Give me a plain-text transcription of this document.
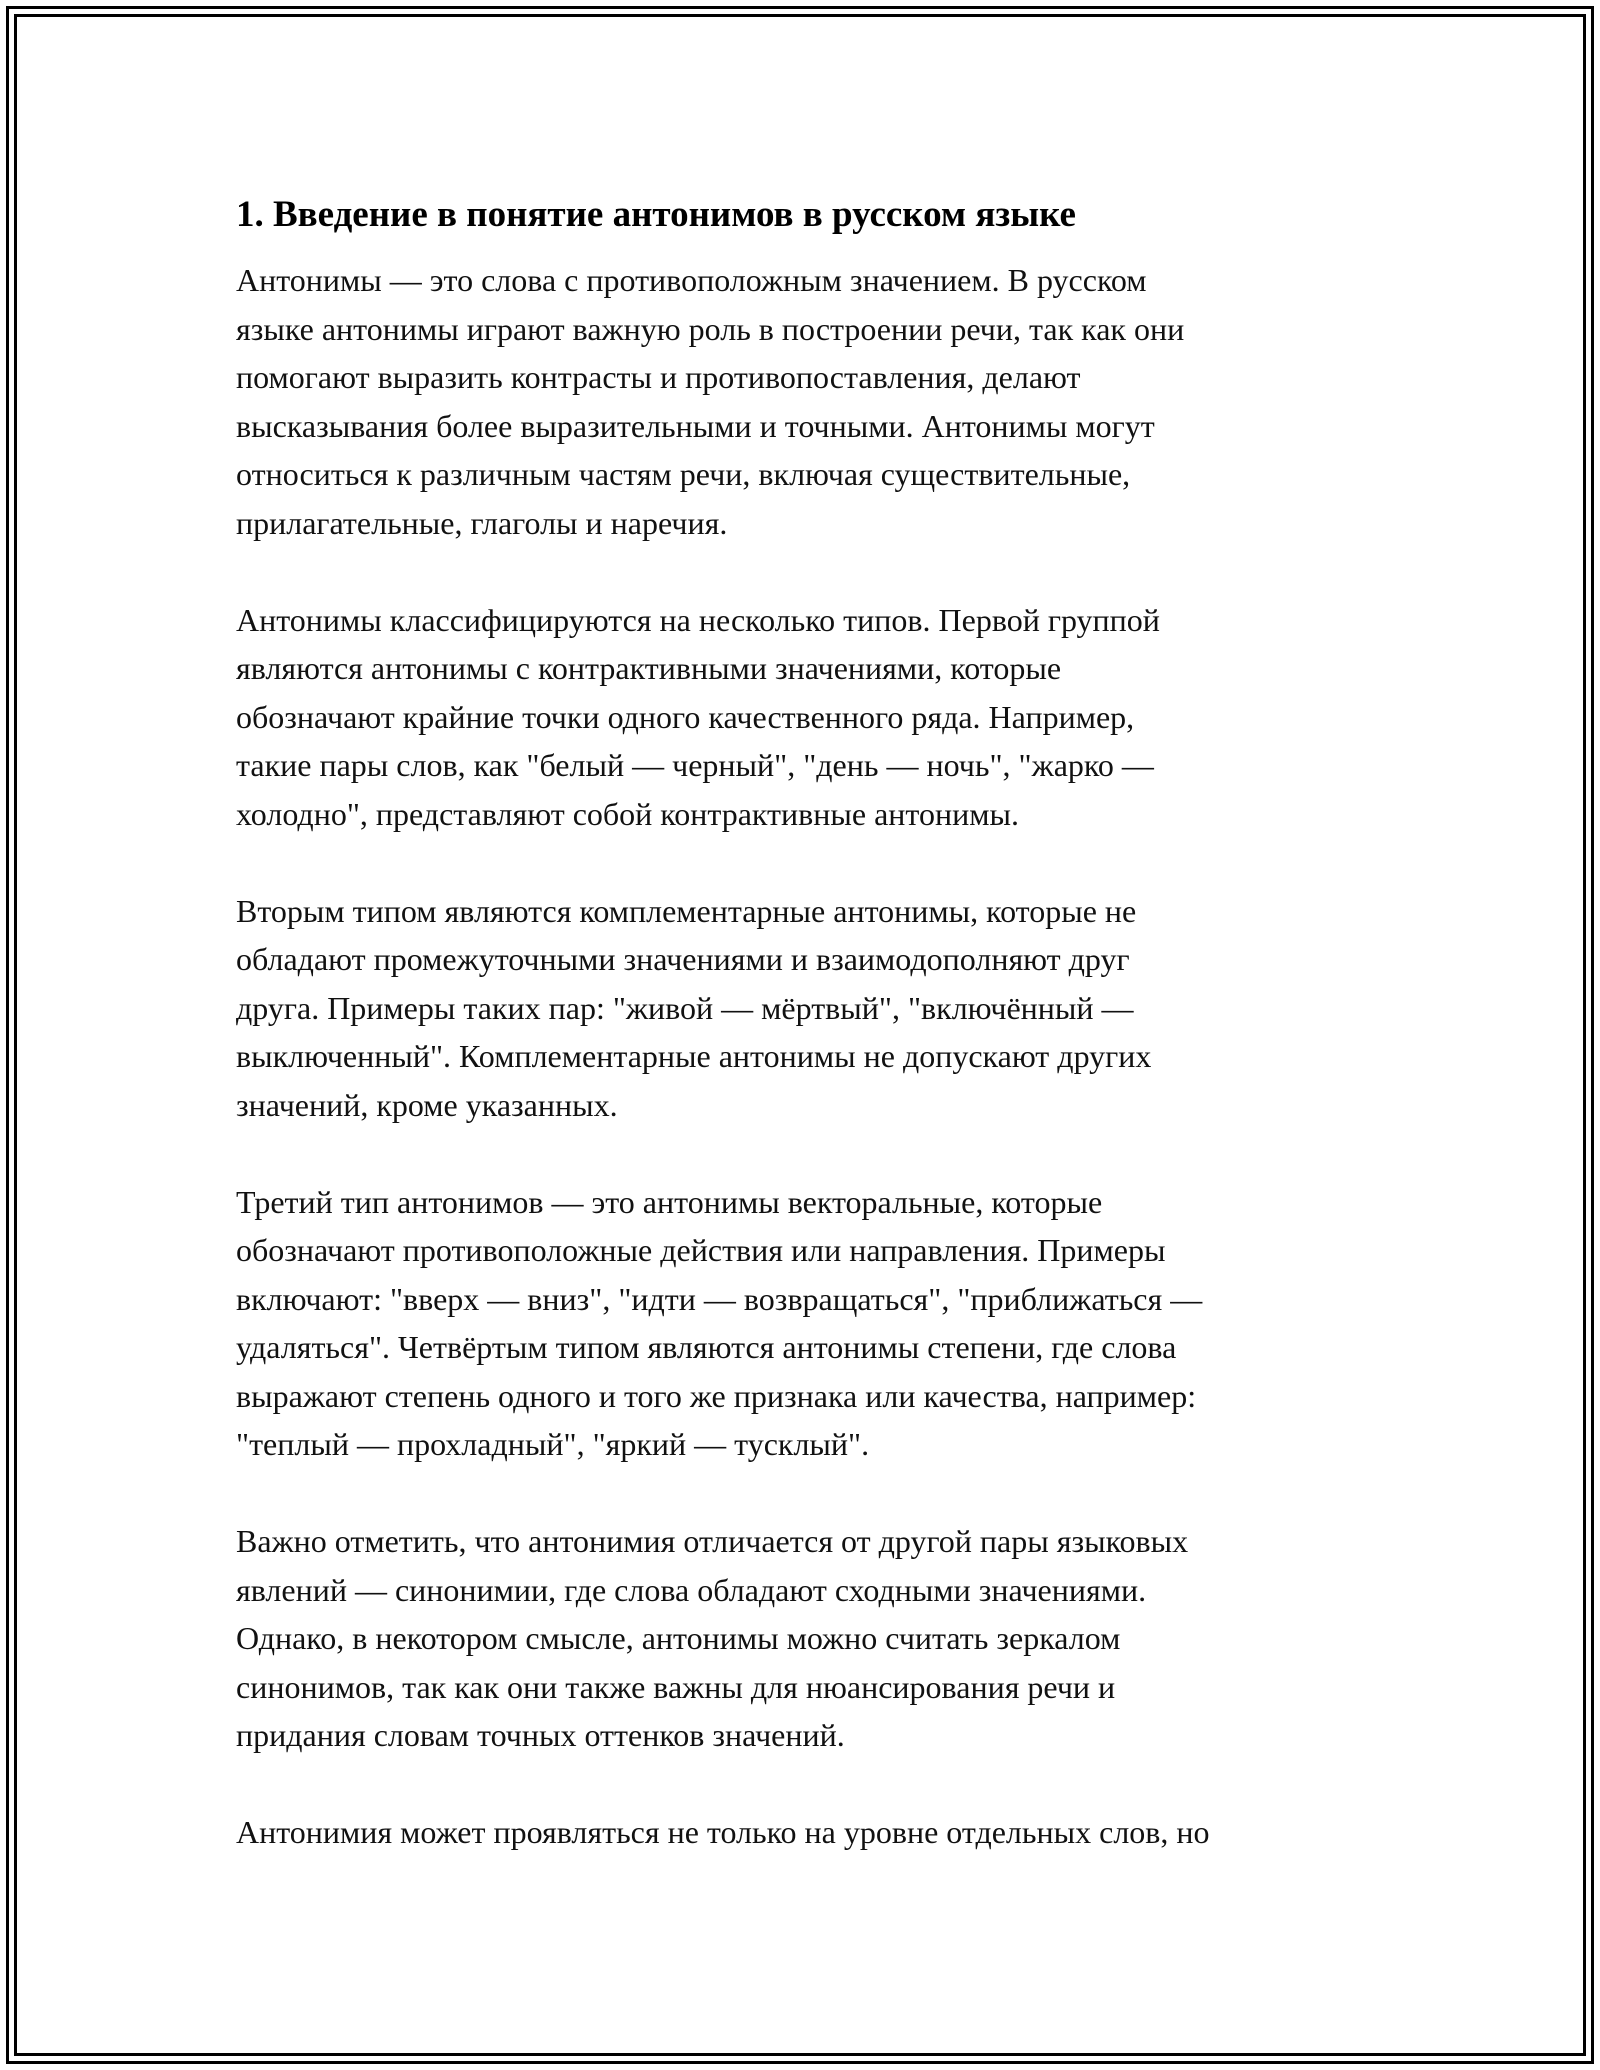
1. Введение в понятие антонимов в русском языке

Антонимы — это слова с противоположным значением. В русском
языке антонимы играют важную роль в построении речи, так как они
помогают выразить контрасты и противопоставления, делают
высказывания более выразительными и точными. Антонимы могут
относиться к различным частям речи, включая существительные,
прилагательные, глаголы и наречия.

Антонимы классифицируются на несколько типов. Первой группой
являются антонимы с контрактивными значениями, которые
обозначают крайние точки одного качественного ряда. Например,
такие пары слов, как "белый — черный", "день — ночь", "жарко —
холодно", представляют собой контрактивные антонимы.

Вторым типом являются комплементарные антонимы, которые не
обладают промежуточными значениями и взаимодополняют друг
друга. Примеры таких пар: "живой — мёртвый", "включённый —
выключенный". Комплементарные антонимы не допускают других
значений, кроме указанных.

Третий тип антонимов — это антонимы векторальные, которые
обозначают противоположные действия или направления. Примеры
включают: "вверх — вниз", "идти — возвращаться", "приближаться —
удаляться". Четвёртым типом являются антонимы степени, где слова
выражают степень одного и того же признака или качества, например:
"теплый — прохладный", "яркий — тусклый".

Важно отметить, что антонимия отличается от другой пары языковых
явлений — синонимии, где слова обладают сходными значениями.
Однако, в некотором смысле, антонимы можно считать зеркалом
синонимов, так как они также важны для нюансирования речи и
придания словам точных оттенков значений.

Антонимия может проявляться не только на уровне отдельных слов, но
